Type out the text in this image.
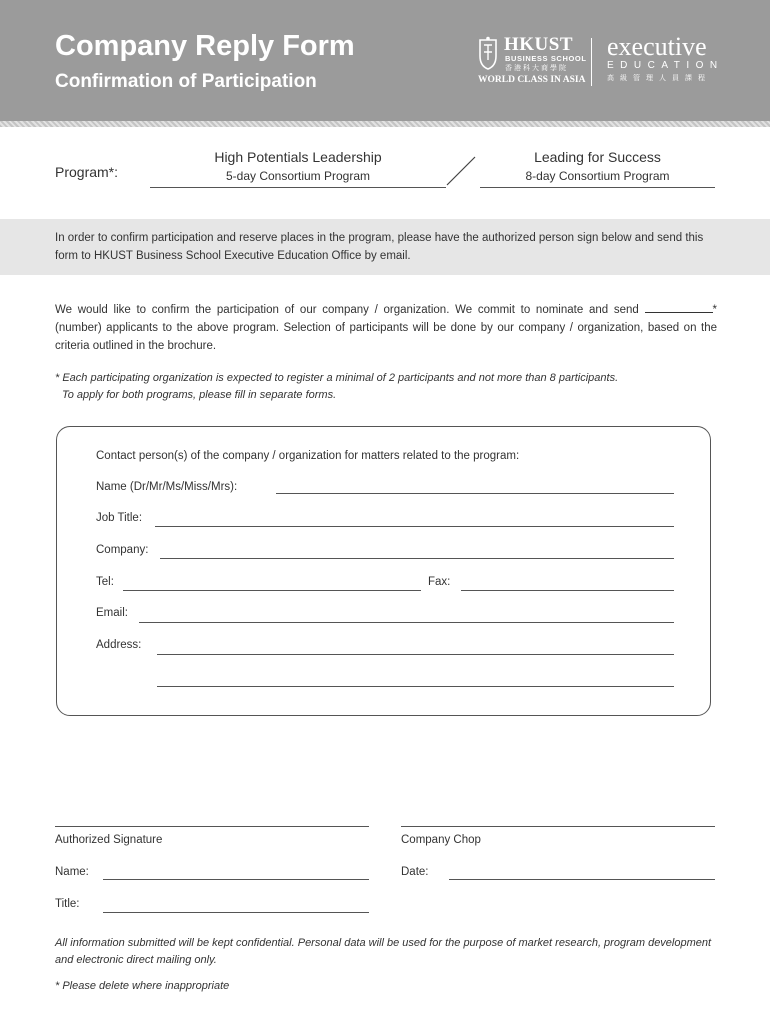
Company Reply Form
Confirmation of Participation
HKUST
BUSINESS SCHOOL
香港科大商學院
WORLD CLASS IN ASIA
executive
EDUCATION
高級管理人員課程
Program*:
High Potentials Leadership
5-day Consortium Program
Leading for Success
8-day Consortium Program
In order to confirm participation and reserve places in the program, please have the authorized person sign below and send this form to HKUST Business School Executive Education Office by email.
We would like to confirm the participation of our company / organization. We commit to nominate and send	*(number) applicants to the above program. Selection of participants will be done by our company / organization, based on the criteria outlined in the brochure.
* Each participating organization is expected to register a minimal of 2 participants and not more than 8 participants.
To apply for both programs, please fill in separate forms.
Contact person(s) of the company / organization for matters related to the program:
Name (Dr/Mr/Ms/Miss/Mrs):
Job Title:
Company:
Tel:	Fax:
Email:
Address:
Authorized Signature	Company Chop
Name:	Date:
Title:
All information submitted will be kept confidential. Personal data will be used for the purpose of market research, program development and electronic direct mailing only.
* Please delete where inappropriate
